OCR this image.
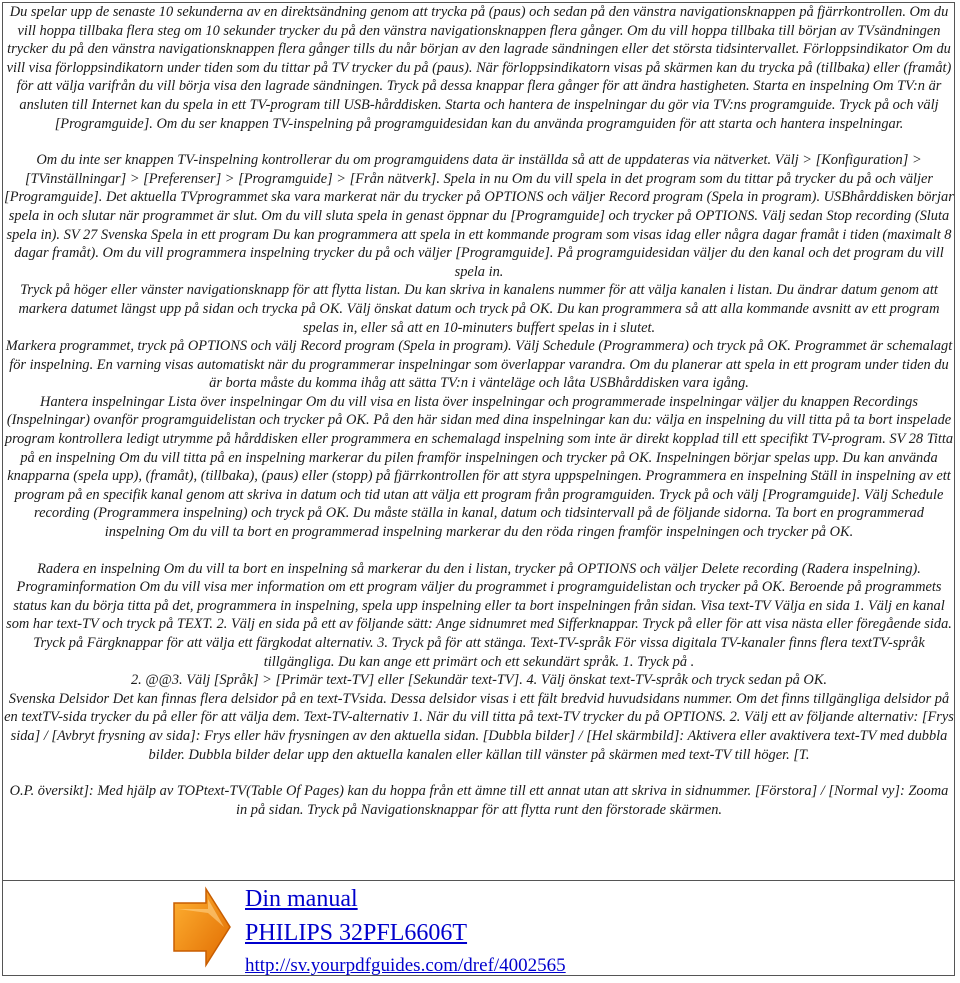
Du spelar upp de senaste 10 sekunderna av en direktsändning genom att trycka på (paus) och sedan på den vänstra navigationsknappen på fjärrkontrollen. Om du vill hoppa tillbaka flera steg om 10 sekunder trycker du på den vänstra navigationsknappen flera gånger. Om du vill hoppa tillbaka till början av TVsändningen trycker du på den vänstra navigationsknappen flera gånger tills du når början av den lagrade sändningen eller det största tidsintervallet. Förloppsindikator Om du vill visa förloppsindikatorn under tiden som du tittar på TV trycker du på (paus). När förloppsindikatorn visas på skärmen kan du trycka på (tillbaka) eller (framåt) för att välja varifrån du vill börja visa den lagrade sändningen. Tryck på dessa knappar flera gånger för att ändra hastigheten. Starta en inspelning Om TV:n är ansluten till Internet kan du spela in ett TV-program till USB-hårddisken. Starta och hantera de inspelningar du gör via TV:ns programguide. Tryck på och välj [Programguide]. Om du ser knappen TV-inspelning på programguidesidan kan du använda programguiden för att starta och hantera inspelningar.

Om du inte ser knappen TV-inspelning kontrollerar du om programguidens data är inställda så att de uppdateras via nätverket. Välj > [Konfiguration] > [TVinställningar] > [Preferenser] > [Programguide] > [Från nätverk]. Spela in nu Om du vill spela in det program som du tittar på trycker du på och väljer [Programguide]. Det aktuella TVprogrammet ska vara markerat när du trycker på OPTIONS och väljer Record program (Spela in program). USBhårddisken börjar spela in och slutar när programmet är slut. Om du vill sluta spela in genast öppnar du [Programguide] och trycker på OPTIONS. Välj sedan Stop recording (Sluta spela in). SV 27 Svenska Spela in ett program Du kan programmera att spela in ett kommande program som visas idag eller några dagar framåt i tiden (maximalt 8 dagar framåt). Om du vill programmera inspelning trycker du på och väljer [Programguide]. På programguidesidan väljer du den kanal och det program du vill spela in.

Tryck på höger eller vänster navigationsknapp för att flytta listan. Du kan skriva in kanalens nummer för att välja kanalen i listan. Du ändrar datum genom att markera datumet längst upp på sidan och trycka på OK. Välj önskat datum och tryck på OK. Du kan programmera så att alla kommande avsnitt av ett program spelas in, eller så att en 10-minuters buffert spelas in i slutet.

Markera programmet, tryck på OPTIONS och välj Record program (Spela in program). Välj Schedule (Programmera) och tryck på OK. Programmet är schemalagt för inspelning. En varning visas automatiskt när du programmerar inspelningar som överlappar varandra. Om du planerar att spela in ett program under tiden du är borta måste du komma ihåg att sätta TV:n i vänteläge och låta USBhårddisken vara igång.

Hantera inspelningar Lista över inspelningar Om du vill visa en lista över inspelningar och programmerade inspelningar väljer du knappen Recordings (Inspelningar) ovanför programguidelistan och trycker på OK. På den här sidan med dina inspelningar kan du: välja en inspelning du vill titta på ta bort inspelade program kontrollera ledigt utrymme på hårddisken eller programmera en schemalagd inspelning som inte är direkt kopplad till ett specifikt TV-program. SV 28 Titta på en inspelning Om du vill titta på en inspelning markerar du pilen framför inspelningen och trycker på OK. Inspelningen börjar spelas upp. Du kan använda knapparna (spela upp), (framåt), (tillbaka), (paus) eller (stopp) på fjärrkontrollen för att styra uppspelningen. Programmera en inspelning Ställ in inspelning av ett program på en specifik kanal genom att skriva in datum och tid utan att välja ett program från programguiden. Tryck på och välj [Programguide]. Välj Schedule recording (Programmera inspelning) och tryck på OK. Du måste ställa in kanal, datum och tidsintervall på de följande sidorna. Ta bort en programmerad inspelning Om du vill ta bort en programmerad inspelning markerar du den röda ringen framför inspelningen och trycker på OK.

Radera en inspelning Om du vill ta bort en inspelning så markerar du den i listan, trycker på OPTIONS och väljer Delete recording (Radera inspelning). Programinformation Om du vill visa mer information om ett program väljer du programmet i programguidelistan och trycker på OK. Beroende på programmets status kan du börja titta på det, programmera in inspelning, spela upp inspelning eller ta bort inspelningen från sidan. Visa text-TV Välja en sida 1. Välj en kanal som har text-TV och tryck på TEXT. 2. Välj en sida på ett av följande sätt: Ange sidnumret med Sifferknappar. Tryck på eller för att visa nästa eller föregående sida. Tryck på Färgknappar för att välja ett färgkodat alternativ. 3. Tryck på för att stänga. Text-TV-språk För vissa digitala TV-kanaler finns flera textTV-språk tillgängliga. Du kan ange ett primärt och ett sekundärt språk. 1. Tryck på .

2. @@3. Välj [Språk] > [Primär text-TV] eller [Sekundär text-TV]. 4. Välj önskat text-TV-språk och tryck sedan på OK.

Svenska Delsidor Det kan finnas flera delsidor på en text-TVsida. Dessa delsidor visas i ett fält bredvid huvudsidans nummer. Om det finns tillgängliga delsidor på en textTV-sida trycker du på eller för att välja dem. Text-TV-alternativ 1. När du vill titta på text-TV trycker du på OPTIONS. 2. Välj ett av följande alternativ: [Frys sida] / [Avbryt frysning av sida]: Frys eller häv frysningen av den aktuella sidan. [Dubbla bilder] / [Hel skärmbild]: Aktivera eller avaktivera text-TV med dubbla bilder. Dubbla bilder delar upp den aktuella kanalen eller källan till vänster på skärmen med text-TV till höger. [T.

O.P. översikt]: Med hjälp av TOPtext-TV(Table Of Pages) kan du hoppa från ett ämne till ett annat utan att skriva in sidnummer. [Förstora] / [Normal vy]: Zooma in på sidan. Tryck på Navigationsknappar för att flytta runt den förstorade skärmen.

Din manual
PHILIPS 32PFL6606T
http://sv.yourpdfguides.com/dref/4002565
